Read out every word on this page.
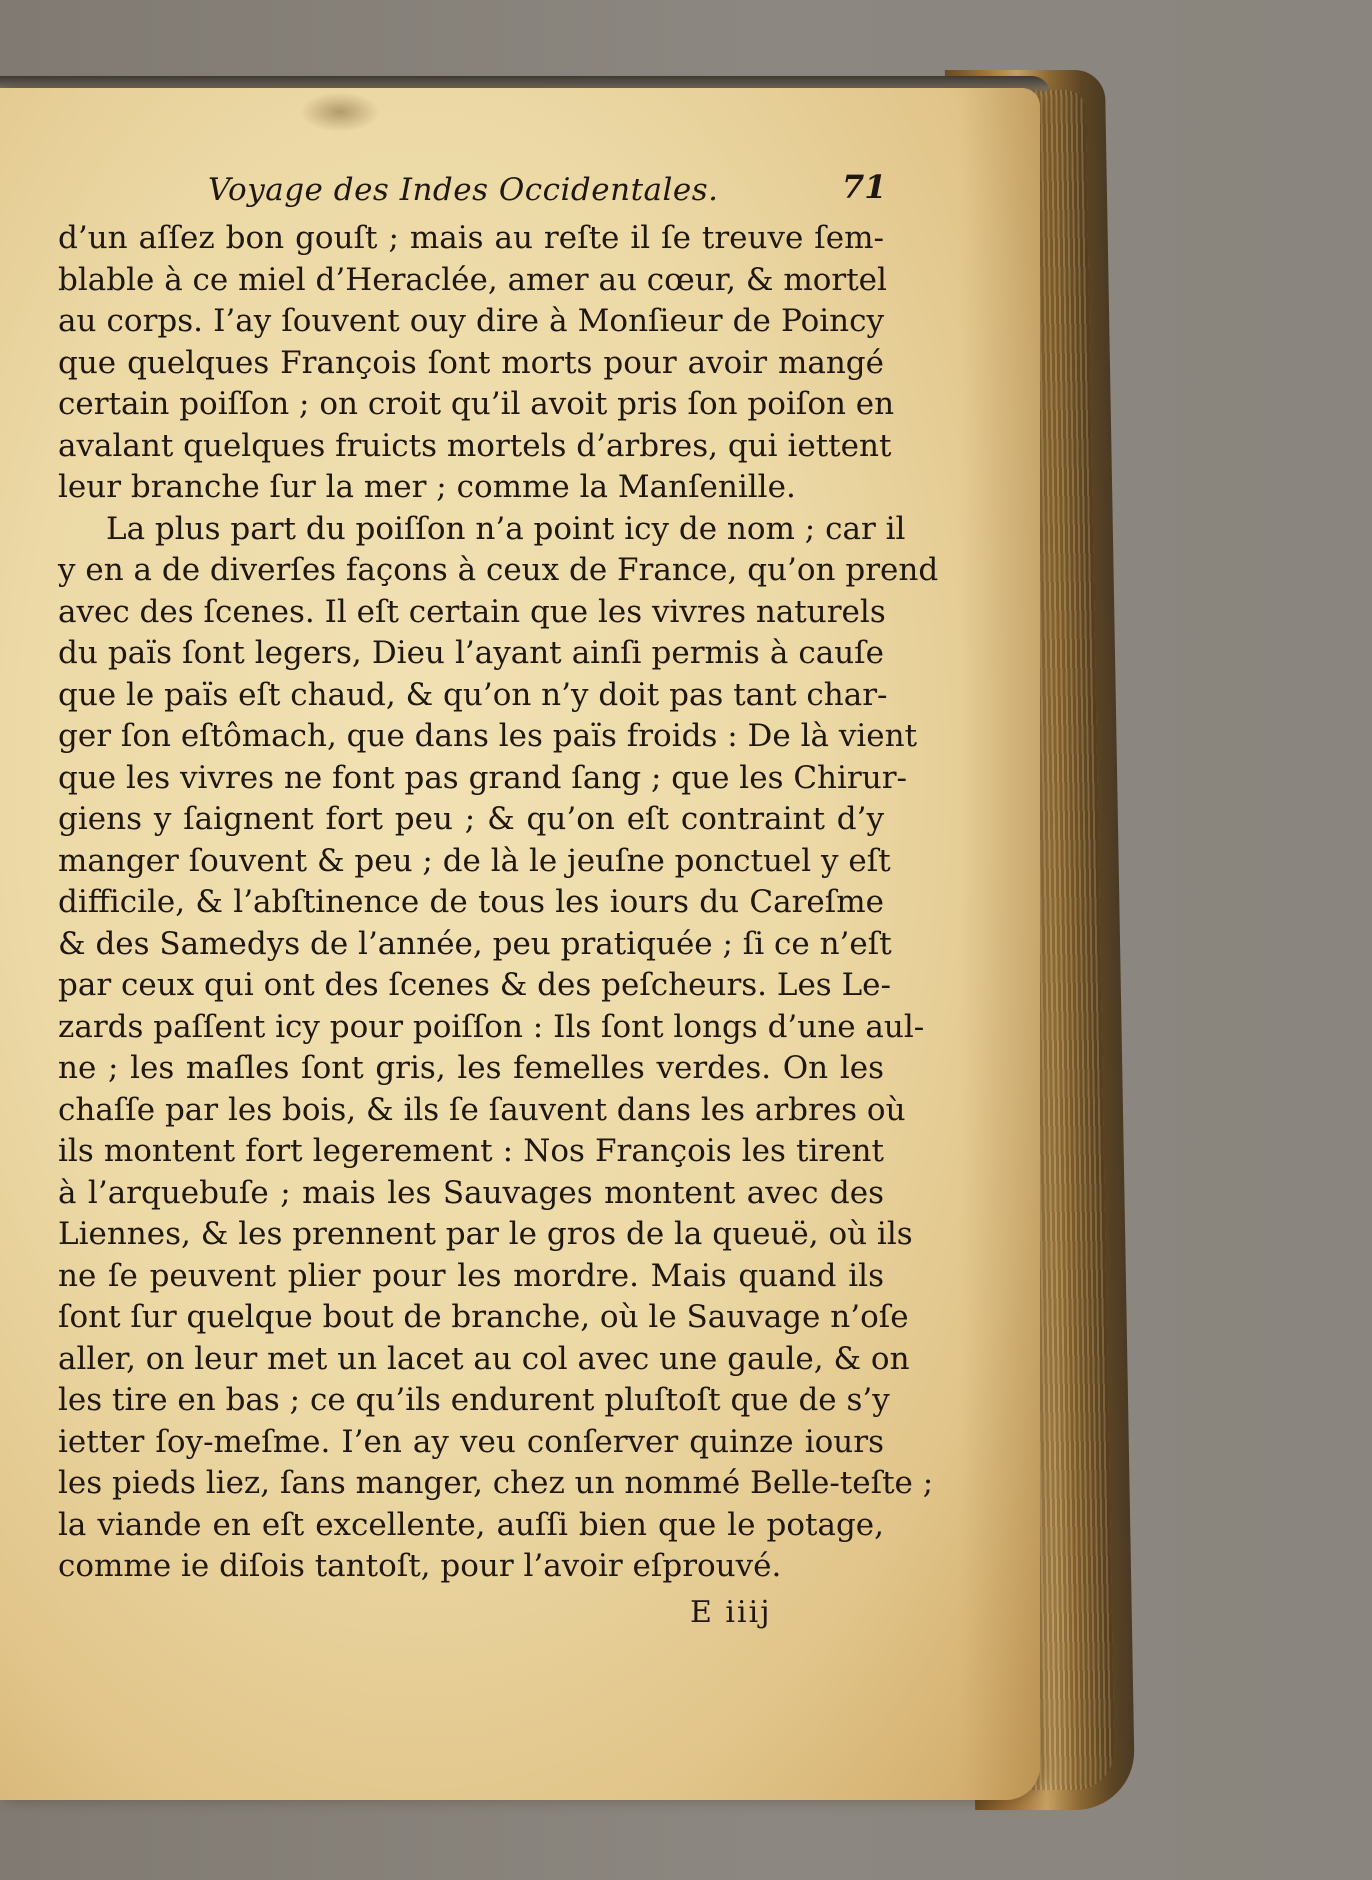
Voyage des Indes Occidentales.	71
d’un aſſez bon gouſt ; mais au reſte il ſe treuve ſem-
blable à ce miel d’Heraclée, amer au cœur, & mortel
au corps. I’ay ſouvent ouy dire à Monſieur de Poincy
que quelques François ſont morts pour avoir mangé
certain poiſſon ; on croit qu’il avoit pris ſon poiſon en
avalant quelques fruicts mortels d’arbres, qui iettent
leur branche ſur la mer ; comme la Manſenille.
La plus part du poiſſon n’a point icy de nom ; car il
y en a de diverſes façons à ceux de France, qu’on prend
avec des ſcenes. Il eſt certain que les vivres naturels
du païs ſont legers, Dieu l’ayant ainſi permis à cauſe
que le païs eſt chaud, & qu’on n’y doit pas tant char-
ger ſon eſtômach, que dans les païs froids : De là vient
que les vivres ne font pas grand ſang ; que les Chirur-
giens y ſaignent fort peu ; & qu’on eſt contraint d’y
manger ſouvent & peu ; de là le jeuſne ponctuel y eſt
difficile, & l’abſtinence de tous les iours du Careſme
& des Samedys de l’année, peu pratiquée ; ſi ce n’eſt
par ceux qui ont des ſcenes & des peſcheurs. Les Le-
zards paſſent icy pour poiſſon : Ils ſont longs d’une aul-
ne ; les maſles ſont gris, les femelles verdes. On les
chaſſe par les bois, & ils ſe ſauvent dans les arbres où
ils montent fort legerement : Nos François les tirent
à l’arquebuſe ; mais les Sauvages montent avec des
Liennes, & les prennent par le gros de la queuë, où ils
ne ſe peuvent plier pour les mordre. Mais quand ils
ſont ſur quelque bout de branche, où le Sauvage n’oſe
aller, on leur met un lacet au col avec une gaule, & on
les tire en bas ; ce qu’ils endurent pluſtoſt que de s’y
ietter ſoy-meſme. I’en ay veu conſerver quinze iours
les pieds liez, ſans manger, chez un nommé Belle-teſte ;
la viande en eſt excellente, auſſi bien que le potage,
comme ie diſois tantoſt, pour l’avoir eſprouvé.
E iiij
